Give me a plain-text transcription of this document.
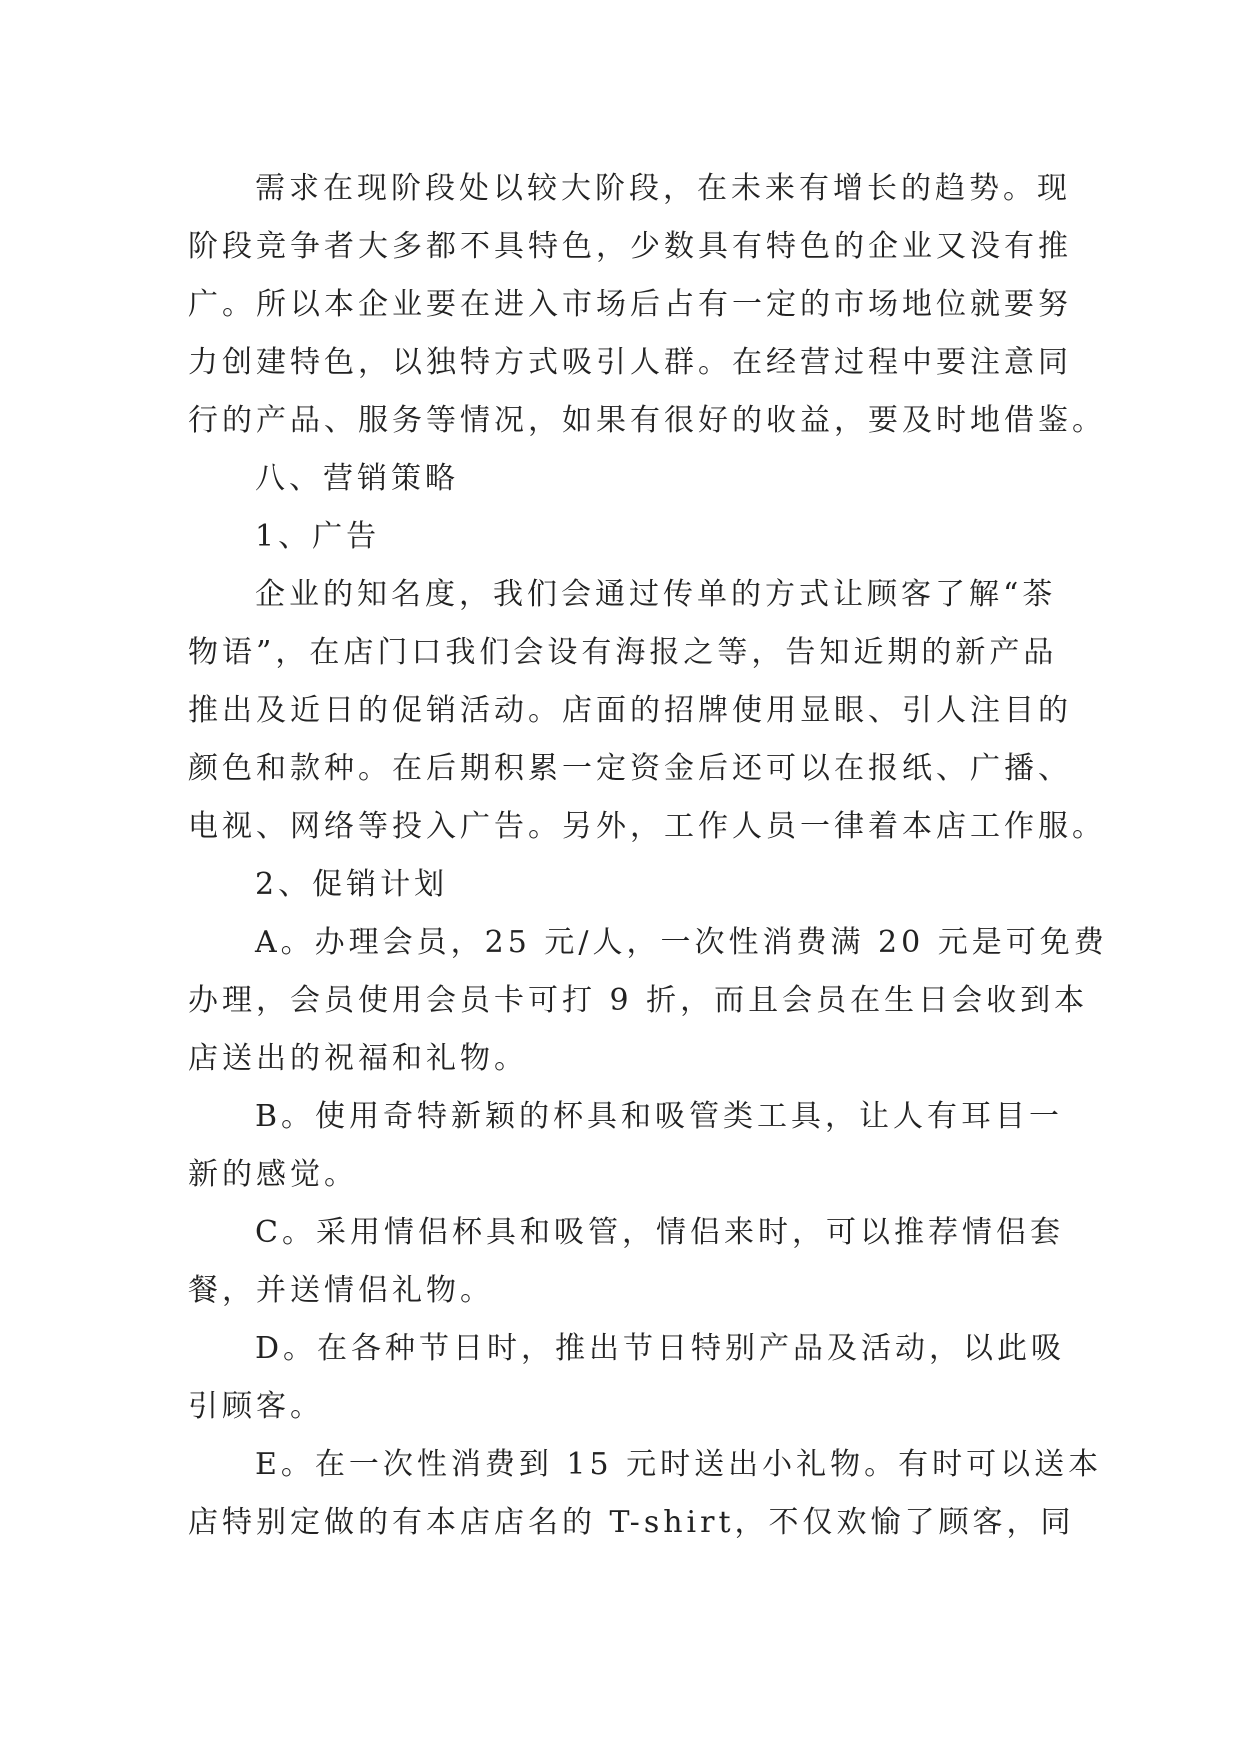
需求在现阶段处以较大阶段，在未来有增长的趋势。现
阶段竞争者大多都不具特色，少数具有特色的企业又没有推
广。所以本企业要在进入市场后占有一定的市场地位就要努
力创建特色，以独特方式吸引人群。在经营过程中要注意同
行的产品、服务等情况，如果有很好的收益，要及时地借鉴。
八、营销策略
1、广告
企业的知名度，我们会通过传单的方式让顾客了解“茶
物语”，在店门口我们会设有海报之等，告知近期的新产品
推出及近日的促销活动。店面的招牌使用显眼、引人注目的
颜色和款种。在后期积累一定资金后还可以在报纸、广播、
电视、网络等投入广告。另外，工作人员一律着本店工作服。
2、促销计划
A。办理会员，25 元/人，一次性消费满 20 元是可免费
办理，会员使用会员卡可打 9 折，而且会员在生日会收到本
店送出的祝福和礼物。
B。使用奇特新颖的杯具和吸管类工具，让人有耳目一
新的感觉。
C。采用情侣杯具和吸管，情侣来时，可以推荐情侣套
餐，并送情侣礼物。
D。在各种节日时，推出节日特别产品及活动，以此吸
引顾客。
E。在一次性消费到 15 元时送出小礼物。有时可以送本
店特别定做的有本店店名的 T-shirt，不仅欢愉了顾客，同
